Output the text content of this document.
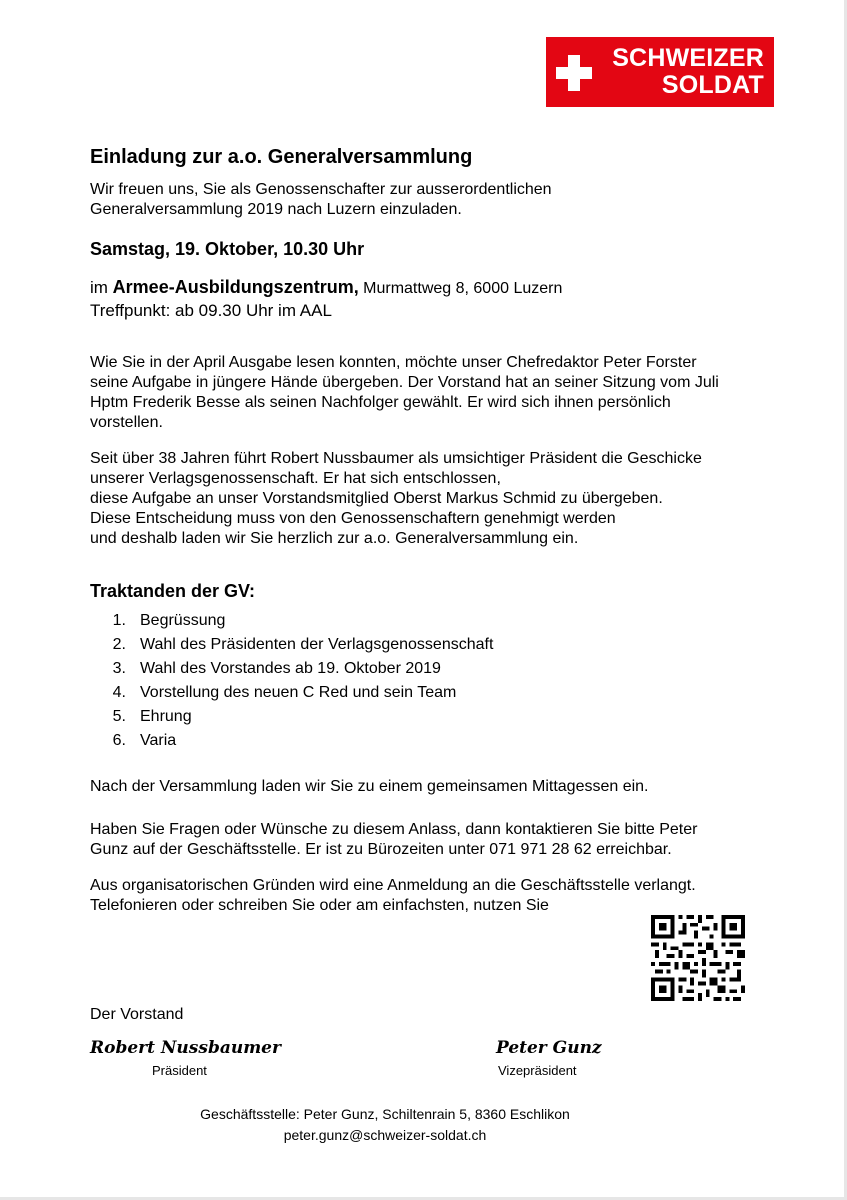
SCHWEIZER
SOLDAT
Einladung zur a.o. Generalversammlung
Wir freuen uns, Sie als Genossenschafter zur ausserordentlichen
Generalversammlung 2019 nach Luzern einzuladen.
Samstag, 19. Oktober, 10.30 Uhr
im Armee-Ausbildungszentrum, Murmattweg 8, 6000 Luzern
Treffpunkt: ab 09.30 Uhr im AAL
Wie Sie in der April Ausgabe lesen konnten, möchte unser Chefredaktor Peter Forster
seine Aufgabe in jüngere Hände übergeben. Der Vorstand hat an seiner Sitzung vom Juli
Hptm Frederik Besse als seinen Nachfolger gewählt. Er wird sich ihnen persönlich
vorstellen.
Seit über 38 Jahren führt Robert Nussbaumer als umsichtiger Präsident die Geschicke
unserer Verlagsgenossenschaft. Er hat sich entschlossen,
diese Aufgabe an unser Vorstandsmitglied Oberst Markus Schmid zu übergeben.
Diese Entscheidung muss von den Genossenschaftern genehmigt werden
und deshalb laden wir Sie herzlich zur a.o. Generalversammlung ein.
Traktanden der GV:
1. Begrüssung
2. Wahl des Präsidenten der Verlagsgenossenschaft
3. Wahl des Vorstandes ab 19. Oktober 2019
4. Vorstellung des neuen C Red und sein Team
5. Ehrung
6. Varia
Nach der Versammlung laden wir Sie zu einem gemeinsamen Mittagessen ein.
Haben Sie Fragen oder Wünsche zu diesem Anlass, dann kontaktieren Sie bitte Peter
Gunz auf der Geschäftsstelle. Er ist zu Bürozeiten unter 071 971 28 62 erreichbar.
Aus organisatorischen Gründen wird eine Anmeldung an die Geschäftsstelle verlangt.
Telefonieren oder schreiben Sie oder am einfachsten, nutzen Sie
Der Vorstand
Robert Nussbaumer
Präsident
Peter Gunz
Vizepräsident
Geschäftsstelle: Peter Gunz, Schiltenrain 5, 8360 Eschlikon
peter.gunz@schweizer-soldat.ch
